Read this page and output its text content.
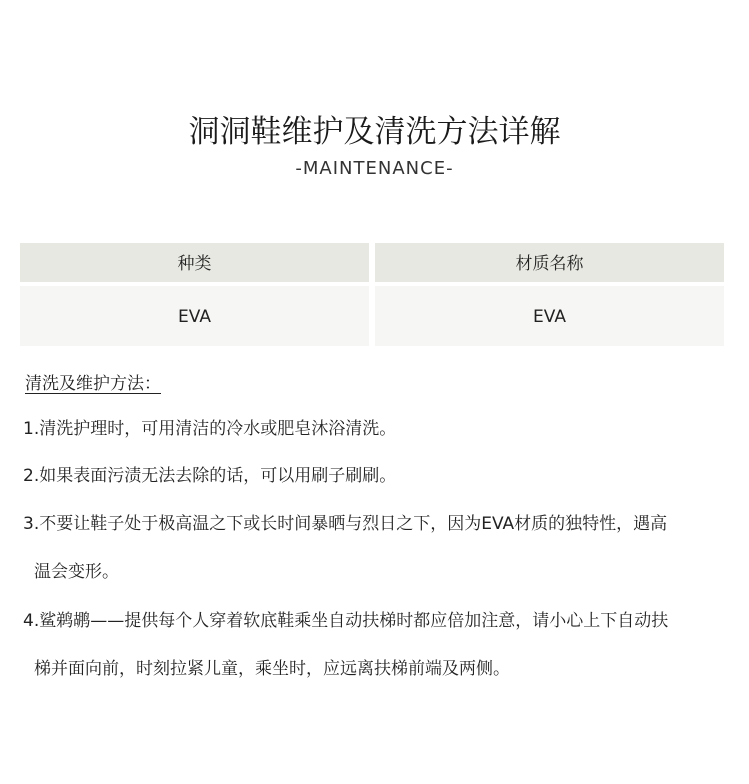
洞洞鞋维护及清洗方法详解
-MAINTENANCE-
种类	材质名称
EVA	EVA
清洗及维护方法：
1.清洗护理时，可用清洁的冷水或肥皂沐浴清洗。
2.如果表面污渍无法去除的话，可以用刷子刷刷。
3.不要让鞋子处于极高温之下或长时间暴晒与烈日之下，因为EVA材质的独特性，遇高
温会变形。
4.鲨鹈鹕——提供每个人穿着软底鞋乘坐自动扶梯时都应倍加注意，请小心上下自动扶
梯并面向前，时刻拉紧儿童，乘坐时，应远离扶梯前端及两侧。
